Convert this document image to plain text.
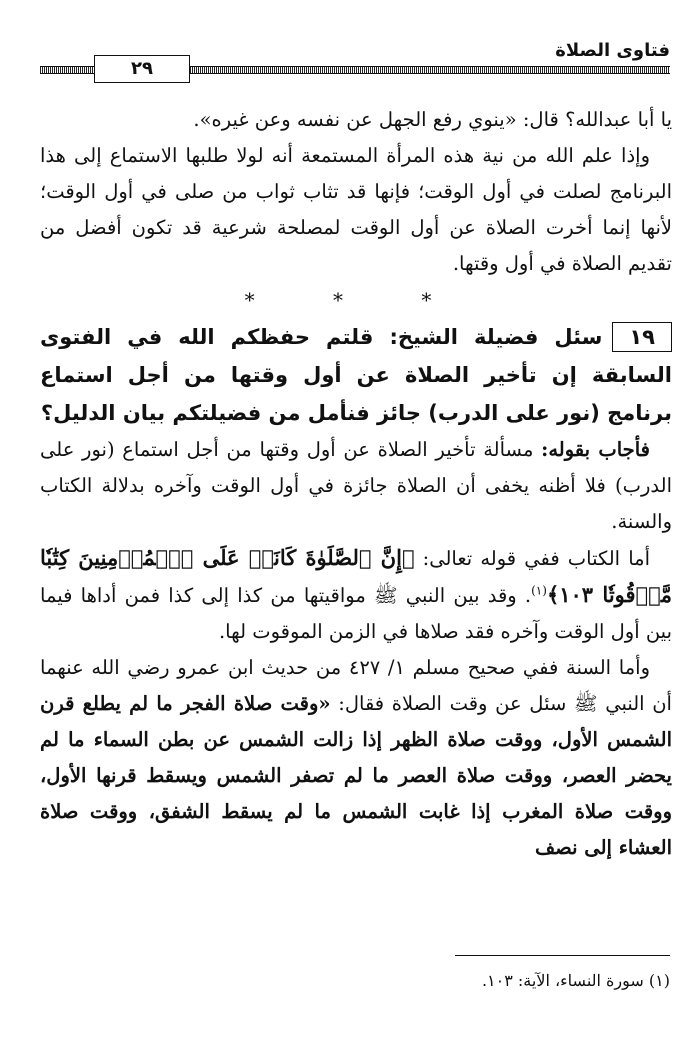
فتاوى الصلاة
٢٩

يا أبا عبدالله؟ قال: «ينوي رفع الجهل عن نفسه وعن غيره».

وإذا علم الله من نية هذه المرأة المستمعة أنه لولا طلبها الاستماع إلى هذا البرنامج لصلت في أول الوقت؛ فإنها قد تثاب ثواب من صلى في أول الوقت؛ لأنها إنما أخرت الصلاة عن أول الوقت لمصلحة شرعية قد تكون أفضل من تقديم الصلاة في أول وقتها.

* * *

١٩سئل فضيلة الشيخ: قلتم حفظكم الله في الفتوى السابقة إن تأخير الصلاة عن أول وقتها من أجل استماع برنامج (نور على الدرب) جائز فنأمل من فضيلتكم بيان الدليل؟

فأجاب بقوله: مسألة تأخير الصلاة عن أول وقتها من أجل استماع (نور على الدرب) فلا أظنه يخفى أن الصلاة جائزة في أول الوقت وآخره بدلالة الكتاب والسنة.

أما الكتاب ففي قوله تعالى: ﴿إِنَّ ٱلصَّلَوٰةَ كَانَتۡ عَلَى ٱلۡمُؤۡمِنِينَ كِتَٰبٗا مَّوۡقُوتٗا ١٠٣﴾$^{(١)}$. وقد بين النبي ﷺ مواقيتها من كذا إلى كذا فمن أداها فيما بين أول الوقت وآخره فقد صلاها في الزمن الموقوت لها.

وأما السنة ففي صحيح مسلم ١/ ٤٢٧ من حديث ابن عمرو رضي الله عنهما أن النبي ﷺ سئل عن وقت الصلاة فقال: «وقت صلاة الفجر ما لم يطلع قرن الشمس الأول، ووقت صلاة الظهر إذا زالت الشمس عن بطن السماء ما لم يحضر العصر، ووقت صلاة العصر ما لم تصفر الشمس ويسقط قرنها الأول، ووقت صلاة المغرب إذا غابت الشمس ما لم يسقط الشفق، ووقت صلاة العشاء إلى نصف

(١) سورة النساء، الآية: ١٠٣.
